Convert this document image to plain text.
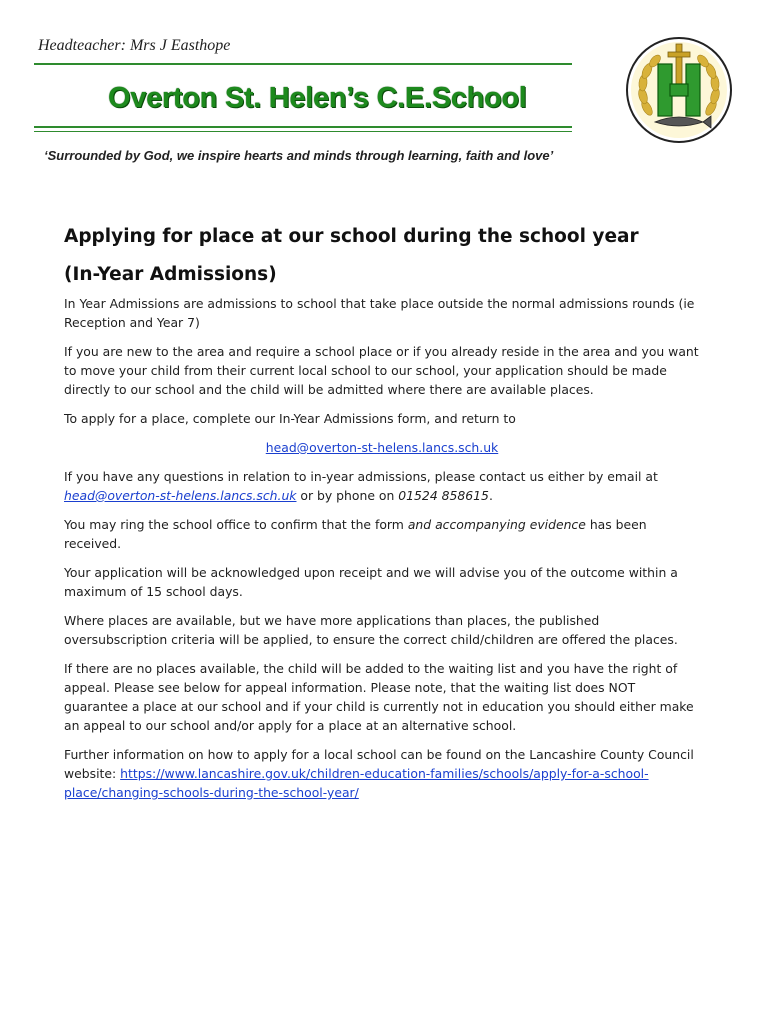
Headteacher: Mrs J Easthope
Overton St. Helen’s C.E.School
‘Surrounded by God, we inspire hearts and minds through learning, faith and love’
Applying for place at our school during the school year
(In-Year Admissions)

In Year Admissions are admissions to school that take place outside the normal admissions rounds (ie Reception and Year 7)

If you are new to the area and require a school place or if you already reside in the area and you want to move your child from their current local school to our school, your application should be made directly to our school and the child will be admitted where there are available places.

To apply for a place, complete our In-Year Admissions form, and return to

head@overton-st-helens.lancs.sch.uk

If you have any questions in relation to in-year admissions, please contact us either by email at head@overton-st-helens.lancs.sch.uk or by phone on 01524 858615.

You may ring the school office to confirm that the form and accompanying evidence has been received.

Your application will be acknowledged upon receipt and we will advise you of the outcome within a maximum of 15 school days.

Where places are available, but we have more applications than places, the published oversubscription criteria will be applied, to ensure the correct child/children are offered the places.

If there are no places available, the child will be added to the waiting list and you have the right of appeal. Please see below for appeal information. Please note, that the waiting list does NOT guarantee a place at our school and if your child is currently not in education you should either make an appeal to our school and/or apply for a place at an alternative school.

Further information on how to apply for a local school can be found on the Lancashire County Council website: https://www.lancashire.gov.uk/children-education-families/schools/apply-for-a-school-place/changing-schools-during-the-school-year/
